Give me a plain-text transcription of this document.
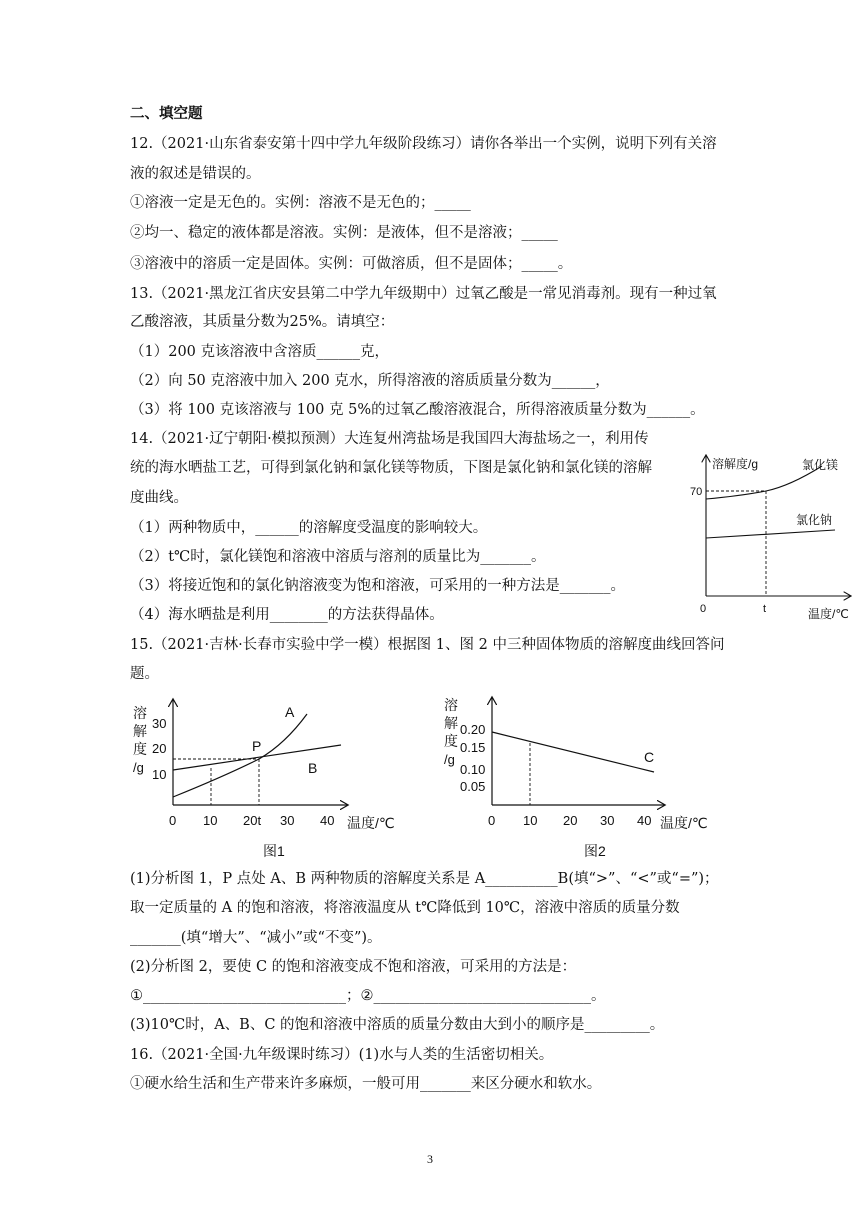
二、填空题
12.（2021·山东省泰安第十四中学九年级阶段练习）请你各举出一个实例，说明下列有关溶
液的叙述是错误的。
①溶液一定是无色的。实例：溶液不是无色的；_____
②均一、稳定的液体都是溶液。实例：是液体，但不是溶液；_____
③溶液中的溶质一定是固体。实例：可做溶质，但不是固体；_____。
13.（2021·黑龙江省庆安县第二中学九年级期中）过氧乙酸是一常见消毒剂。现有一种过氧
乙酸溶液，其质量分数为25%。请填空：
（1）200 克该溶液中含溶质______克，
（2）向 50 克溶液中加入 200 克水，所得溶液的溶质质量分数为______，
（3）将 100 克该溶液与 100 克 5%的过氧乙酸溶液混合，所得溶液质量分数为______。
14.（2021·辽宁朝阳·模拟预测）大连复州湾盐场是我国四大海盐场之一，利用传
统的海水晒盐工艺，可得到氯化钠和氯化镁等物质，下图是氯化钠和氯化镁的溶解
度曲线。
（1）两种物质中，______的溶解度受温度的影响较大。
（2）t℃时，氯化镁饱和溶液中溶质与溶剂的质量比为_______。
（3）将接近饱和的氯化钠溶液变为饱和溶液，可采用的一种方法是_______。
（4）海水晒盐是利用________的方法获得晶体。
15.（2021·吉林·长春市实验中学一模）根据图 1、图 2 中三种固体物质的溶解度曲线回答问
题。
溶解度/g
70
0	t	温度/℃
氯化镁
氯化钠
溶
解
度
/g 10
20
30
0 10 20t 30 40 温度/℃
A
B
P
图1
溶
解
度
/g
0.05
0.10
0.15
0.20
0 10 20 30 40 温度/℃
C
图2
(1)分析图 1，P 点处 A、B 两种物质的溶解度关系是 A__________B(填“>”、“<”或“=”)；
取一定质量的 A 的饱和溶液，将溶液温度从 t℃降低到 10℃，溶液中溶质的质量分数
_______(填“增大”、“减小”或“不变”)。
(2)分析图 2，要使 C 的饱和溶液变成不饱和溶液，可采用的方法是：
①____________________________；②______________________________。
(3)10℃时，A、B、C 的饱和溶液中溶质的质量分数由大到小的顺序是_________。
16.（2021·全国·九年级课时练习）(1)水与人类的生活密切相关。
①硬水给生活和生产带来许多麻烦，一般可用_______来区分硬水和软水。
3
